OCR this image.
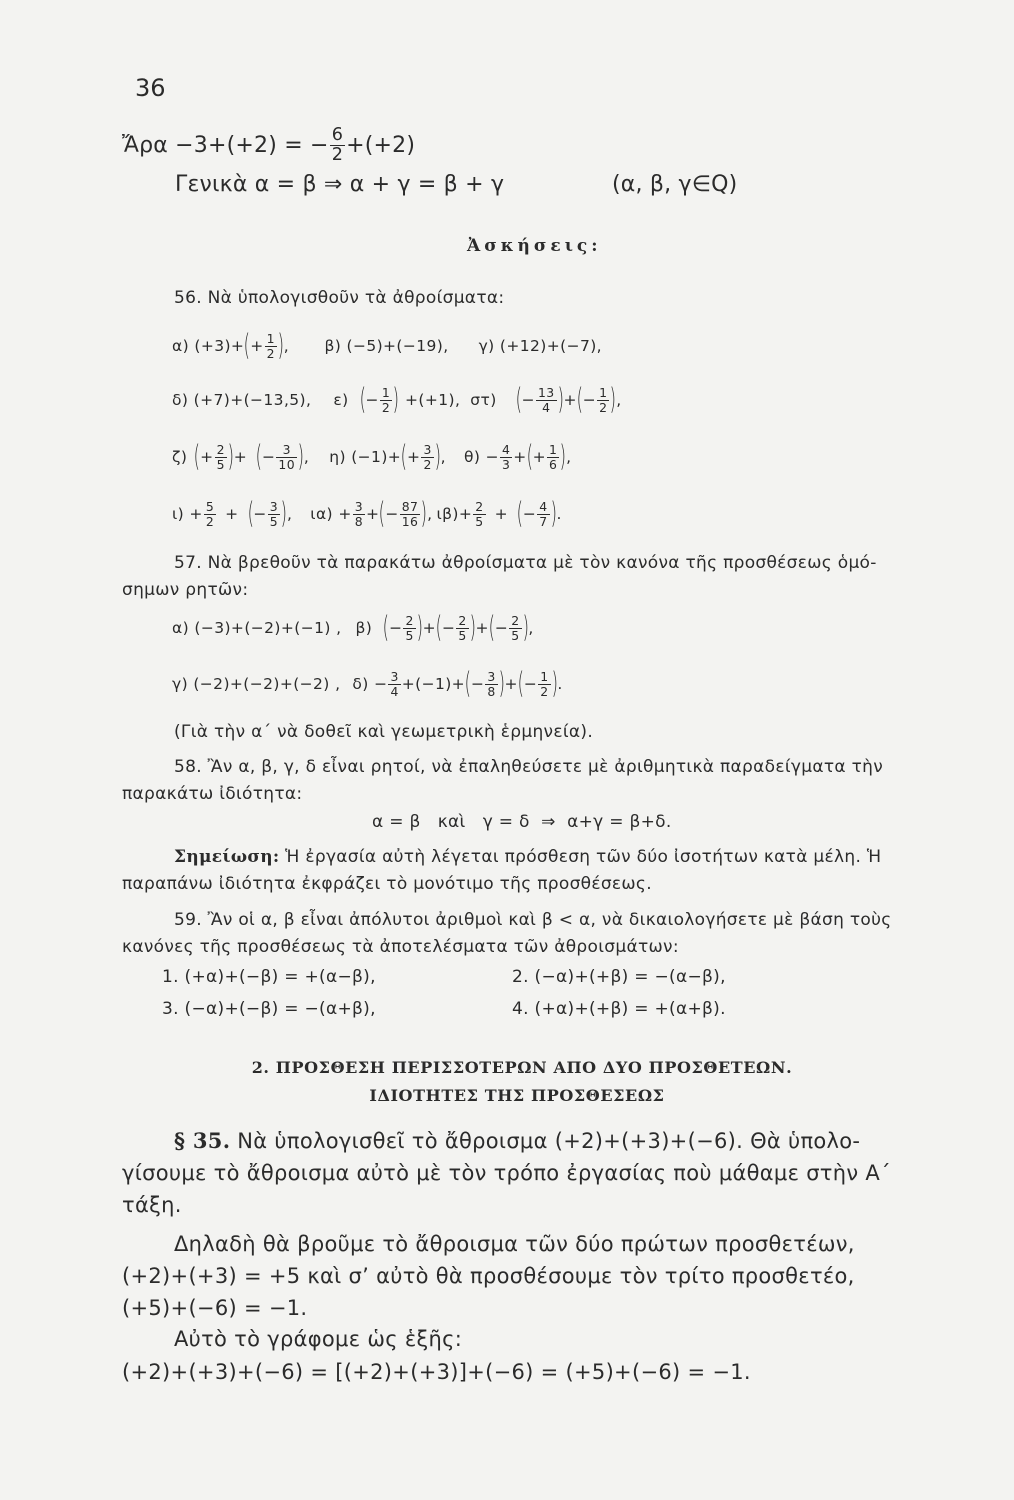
36
Ἄρα −3+(+2) = − $\frac{6}{2} +(+2)$
Γενικὰ α = β ⇒ α + γ = β + γ	(α, β, γ∈Q)
Ἀσκήσεις:
56. Νὰ ὑπολογισθοῦν τὰ ἀθροίσματα:
α) (+3)+ ( + $\frac{1}{2}$ ) , β) (−5)+(−19), γ) (+12)+(−7),
δ) (+7)+(−13,5), ε) ( − $\frac{1}{2}$ ) +(+1), στ) ( − $\frac{13}{4}$ ) + ( − $\frac{1}{2}$ ) ,
ζ) ( + $\frac{2}{5}$ ) + ( − $\frac{3}{10}$ ) , η) (−1)+ ( + $\frac{3}{2}$ ) , $\theta) - \frac{4}{3}$ + ( + $\frac{1}{6}$ ) ,
$\iota) + \frac{5}{2}$ + ( − $\frac{3}{5}$ ) , $\iota\alpha) + \frac{3}{8}$ + ( − $\frac{87}{16}$ ) , $\iota\beta)+ \frac{2}{5}$ + ( − $\frac{4}{7}$ ) .
57. Νὰ βρεθοῦν τὰ παρακάτω ἀθροίσματα μὲ τὸν κανόνα τῆς προσθέσεως ὁμό-
σημων ρητῶν:
α) (−3)+(−2)+(−1) , β) ( − $\frac{2}{5}$ ) + ( − $\frac{2}{5}$ ) + ( − $\frac{2}{5}$ ) ,
γ) (−2)+(−2)+(−2) , $\delta) - \frac{3}{4} +(-1)+$ ( − $\frac{3}{8}$ ) + ( − $\frac{1}{2}$ ) .
(Γιὰ τὴν α΄ νὰ δοθεῖ καὶ γεωμετρικὴ ἑρμηνεία).
58. Ἂν α, β, γ, δ εἶναι ρητοί, νὰ ἐπαληθεύσετε μὲ ἀριθμητικὰ παραδείγματα τὴν
παρακάτω ἰδιότητα:
α = β   καὶ   γ = δ  ⇒  α+γ = β+δ.
Σημείωση: Ἡ ἐργασία αὐτὴ λέγεται πρόσθεση τῶν δύο ἰσοτήτων κατὰ μέλη. Ἡ
παραπάνω ἰδιότητα ἐκφράζει τὸ μονότιμο τῆς προσθέσεως.
59. Ἂν οἱ α, β εἶναι ἀπόλυτοι ἀριθμοὶ καὶ β < α, νὰ δικαιολογήσετε μὲ βάση τοὺς
κανόνες τῆς προσθέσεως τὰ ἀποτελέσματα τῶν ἀθροισμάτων:
1. (+α)+(−β) = +(α−β),	2. (−α)+(+β) = −(α−β),
3. (−α)+(−β) = −(α+β),	4. (+α)+(+β) = +(α+β).
2. ΠΡΟΣΘΕΣΗ ΠΕΡΙΣΣΟΤΕΡΩΝ ΑΠΟ ΔΥΟ ΠΡΟΣΘΕΤΕΩΝ.
ΙΔΙΟΤΗΤΕΣ ΤΗΣ ΠΡΟΣΘΕΣΕΩΣ
§ 35. Νὰ ὑπολογισθεῖ τὸ ἄθροισμα (+2)+(+3)+(−6). Θὰ ὑπολο-
γίσουμε τὸ ἄθροισμα αὐτὸ μὲ τὸν τρόπο ἐργασίας ποὺ μάθαμε στὴν Α΄
τάξη.
Δηλαδὴ θὰ βροῦμε τὸ ἄθροισμα τῶν δύο πρώτων προσθετέων,
(+2)+(+3) = +5 καὶ σ’ αὐτὸ θὰ προσθέσουμε τὸν τρίτο προσθετέο,
(+5)+(−6) = −1.
Αὐτὸ τὸ γράφομε ὡς ἑξῆς:
(+2)+(+3)+(−6) = [(+2)+(+3)]+(−6) = (+5)+(−6) = −1.
